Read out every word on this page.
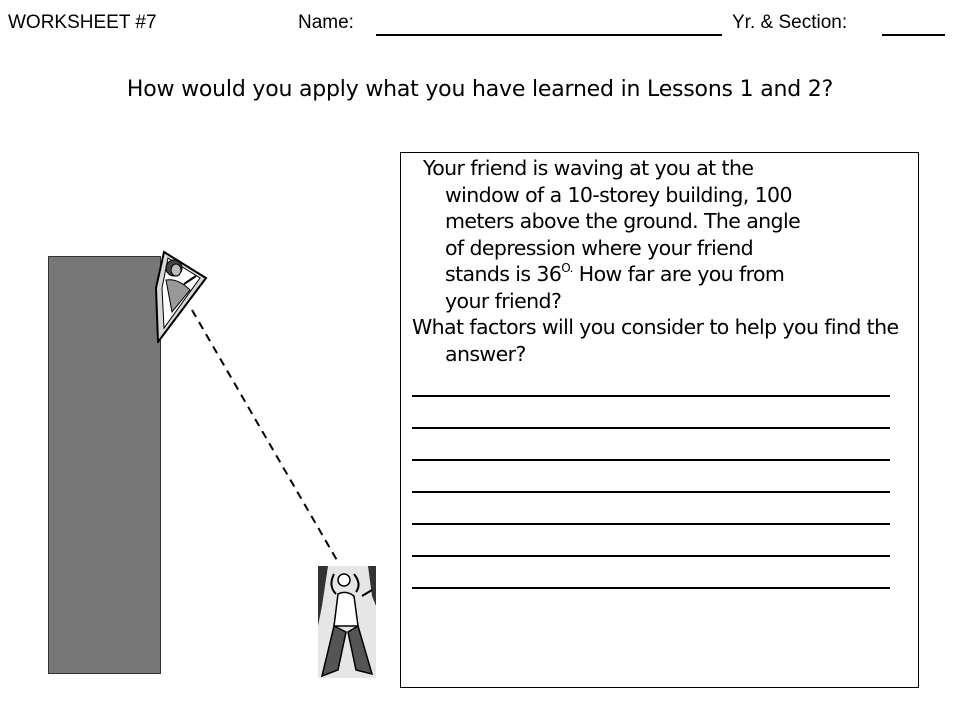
WORKSHEET #7	Name:	Yr. & Section:
How would you apply what you have learned in Lessons 1 and 2?
Your friend is waving at you at the
window of a 10-storey building, 100
meters above the ground. The angle
of depression where your friend
stands is $36^{O.}$ How far are you from
your friend?
What factors will you consider to help you find the answer?
